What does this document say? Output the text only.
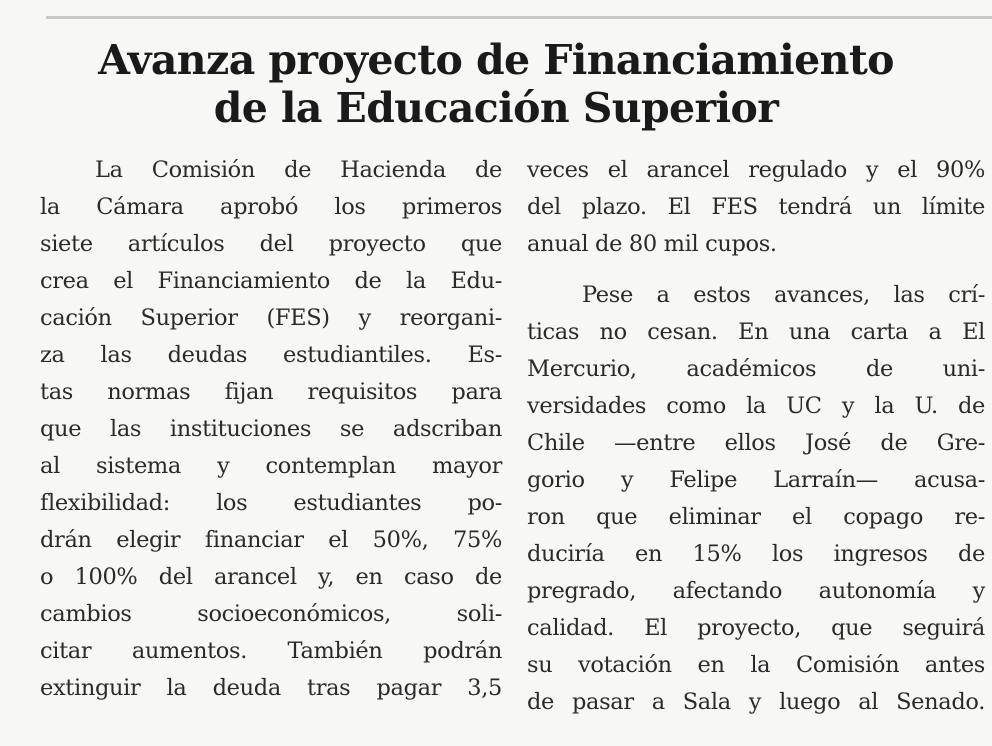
Avanza proyecto de Financiamiento
de la Educación Superior
La Comisión de Hacienda de
la Cámara aprobó los primeros
siete artículos del proyecto que
crea el Financiamiento de la Edu-
cación Superior (FES) y reorgani-
za las deudas estudiantiles. Es-
tas normas fijan requisitos para
que las instituciones se adscriban
al sistema y contemplan mayor
flexibilidad: los estudiantes po-
drán elegir financiar el 50%, 75%
o 100% del arancel y, en caso de
cambios socioeconómicos, soli-
citar aumentos. También podrán
extinguir la deuda tras pagar 3,5
veces el arancel regulado y el 90%
del plazo. El FES tendrá un límite
anual de 80 mil cupos.
Pese a estos avances, las crí-
ticas no cesan. En una carta a El
Mercurio, académicos de uni-
versidades como la UC y la U. de
Chile —entre ellos José de Gre-
gorio y Felipe Larraín— acusa-
ron que eliminar el copago re-
duciría en 15% los ingresos de
pregrado, afectando autonomía y
calidad. El proyecto, que seguirá
su votación en la Comisión antes
de pasar a Sala y luego al Senado.
